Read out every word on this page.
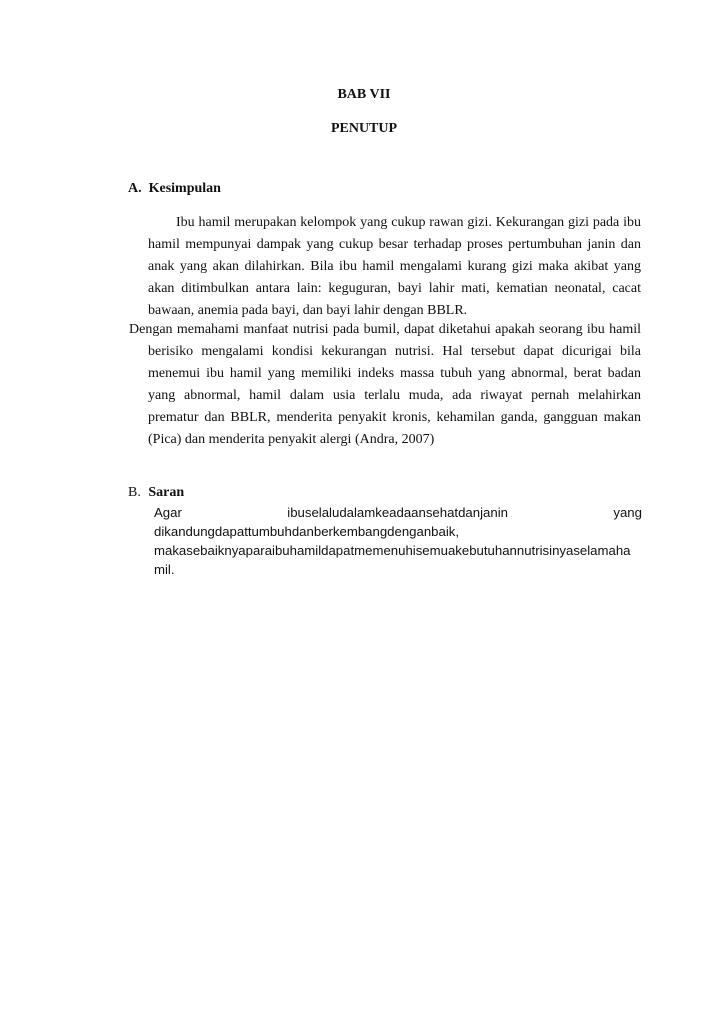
BAB VII
PENUTUP
A.  Kesimpulan
Ibu hamil merupakan kelompok yang cukup rawan gizi. Kekurangan gizi pada ibu hamil mempunyai dampak yang cukup besar terhadap proses pertumbuhan janin dan anak yang akan dilahirkan. Bila ibu hamil mengalami kurang gizi maka akibat yang akan ditimbulkan antara lain: keguguran, bayi lahir mati, kematian neonatal, cacat bawaan, anemia pada bayi, dan bayi lahir dengan BBLR.
Dengan memahami manfaat nutrisi pada bumil, dapat diketahui apakah seorang ibu hamil berisiko mengalami kondisi kekurangan nutrisi. Hal tersebut dapat dicurigai bila menemui ibu hamil yang memiliki indeks massa tubuh yang abnormal, berat badan yang abnormal, hamil dalam usia terlalu muda, ada riwayat pernah melahirkan prematur dan BBLR, menderita penyakit kronis, kehamilan ganda, gangguan makan (Pica) dan menderita penyakit alergi (Andra, 2007)
B. Saran
Agar	ibuselaludalamkeadaansehatdanjanin	yang
dikandungdapattumbuhdanberkembangdenganbaik,
makasebaiknyaparaibuhamildapatmemenuhisemuakebutuhannutrisinyaselamaha
mil.
